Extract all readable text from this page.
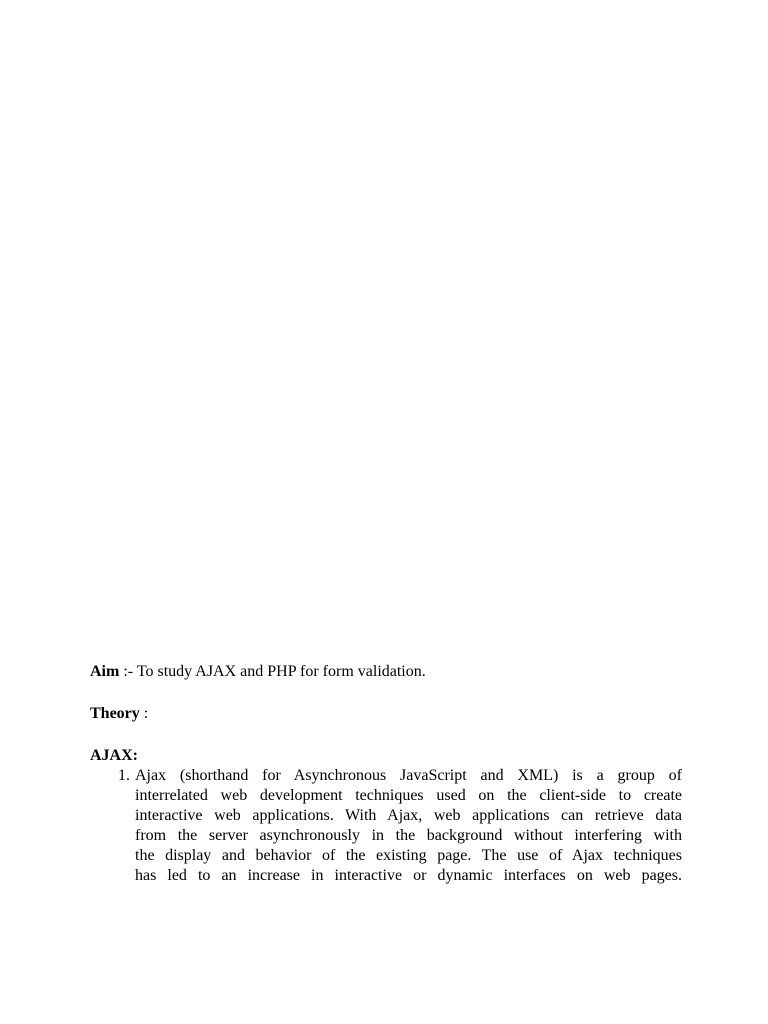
Aim :- To study AJAX and PHP for form validation.

Theory :

AJAX:

1. Ajax (shorthand for Asynchronous JavaScript and XML) is a group of
interrelated web development techniques used on the client-side to create
interactive web applications. With Ajax, web applications can retrieve data
from the server asynchronously in the background without interfering with
the display and behavior of the existing page. The use of Ajax techniques
has led to an increase in interactive or dynamic interfaces on web pages.
